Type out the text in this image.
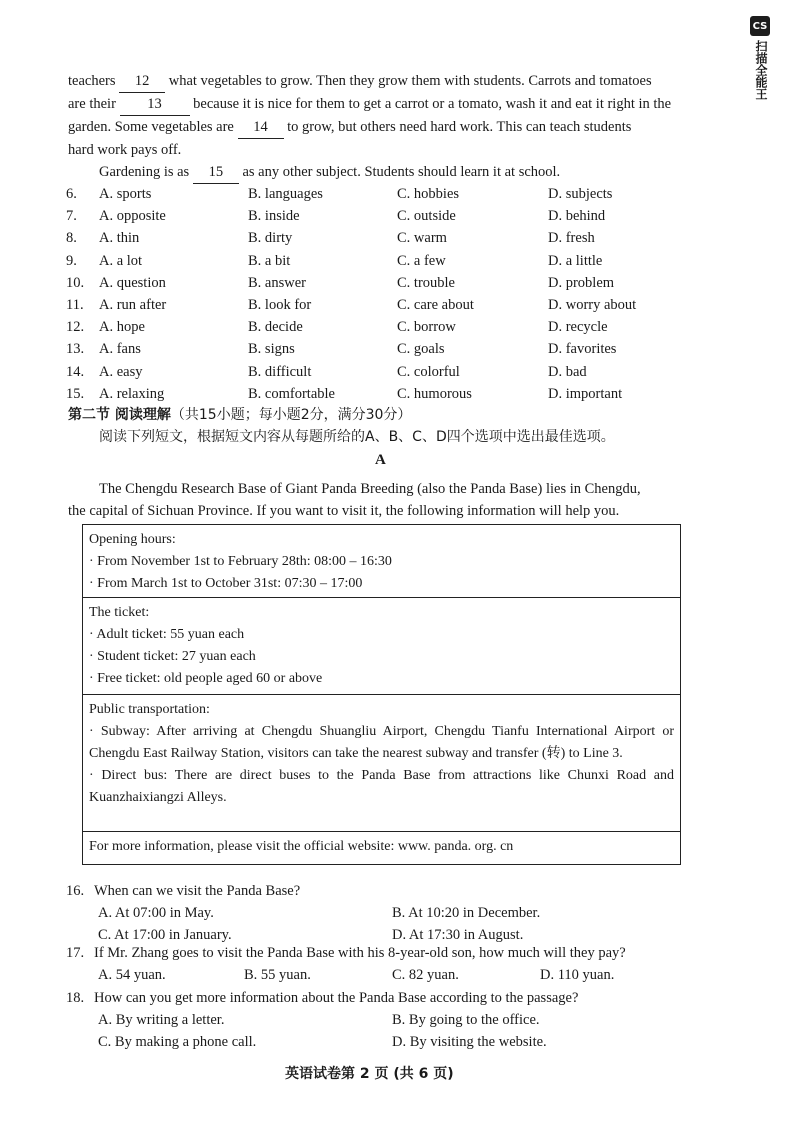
CS
扫描全能王
teachers 12 what vegetables to grow. Then they grow them with students. Carrots and tomatoes
are their 13 because it is nice for them to get a carrot or a tomato, wash it and eat it right in the
garden. Some vegetables are 14 to grow, but others need hard work. This can teach students
hard work pays off.
Gardening is as 15 as any other subject. Students should learn it at school.
6. A. sports	B. languages	C. hobbies	D. subjects
7. A. opposite	B. inside	C. outside	D. behind
8. A. thin	B. dirty	C. warm	D. fresh
9. A. a lot	B. a bit	C. a few	D. a little
10. A. question	B. answer	C. trouble	D. problem
11. A. run after	B. look for	C. care about	D. worry about
12. A. hope	B. decide	C. borrow	D. recycle
13. A. fans	B. signs	C. goals	D. favorites
14. A. easy	B. difficult	C. colorful	D. bad
15. A. relaxing	B. comfortable	C. humorous	D. important
第二节 阅读理解（共15小题；每小题2分，满分30分）
阅读下列短文，根据短文内容从每题所给的A、B、C、D四个选项中选出最佳选项。
A
The Chengdu Research Base of Giant Panda Breeding (also the Panda Base) lies in Chengdu,
the capital of Sichuan Province. If you want to visit it, the following information will help you.
Opening hours:
· From November 1st to February 28th: 08:00 – 16:30
· From March 1st to October 31st: 07:30 – 17:00
The ticket:
· Adult ticket: 55 yuan each
· Student ticket: 27 yuan each
· Free ticket: old people aged 60 or above
Public transportation:
· Subway: After arriving at Chengdu Shuangliu Airport, Chengdu Tianfu International Airport or Chengdu East Railway Station, visitors can take the nearest subway and transfer (转) to Line 3.
· Direct bus: There are direct buses to the Panda Base from attractions like Chunxi Road and Kuanzhaixiangzi Alleys.
For more information, please visit the official website: www. panda. org. cn
16. When can we visit the Panda Base?
A. At 07:00 in May.	B. At 10:20 in December.
C. At 17:00 in January.	D. At 17:30 in August.
17. If Mr. Zhang goes to visit the Panda Base with his 8-year-old son, how much will they pay?
A. 54 yuan.	B. 55 yuan.	C. 82 yuan.	D. 110 yuan.
18. How can you get more information about the Panda Base according to the passage?
A. By writing a letter.	B. By going to the office.
C. By making a phone call.	D. By visiting the website.
英语试卷第 2 页 (共 6 页)
